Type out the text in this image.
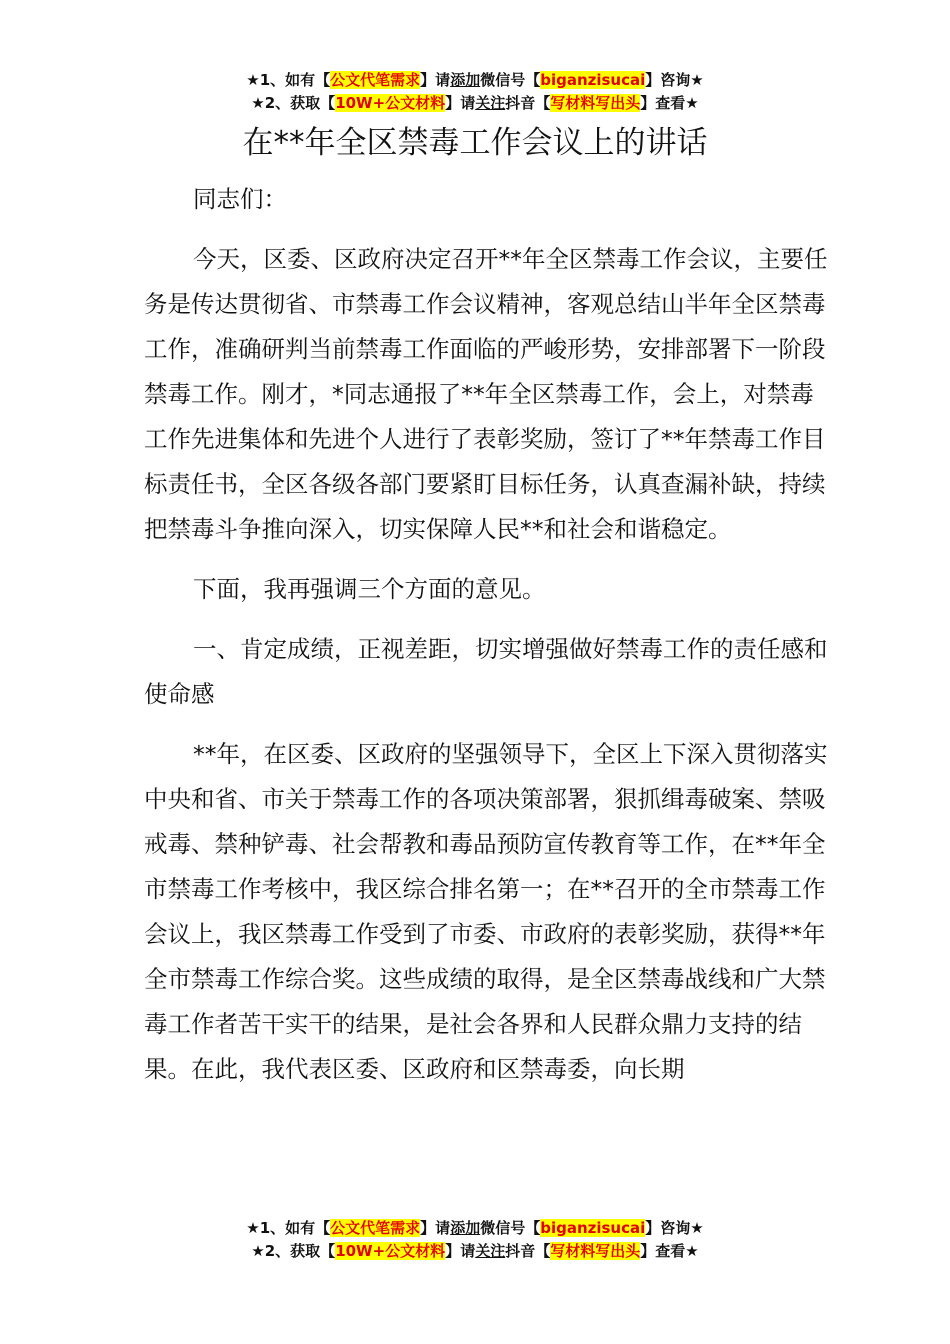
★1、如有【公文代笔需求】请添加微信号【biganzisucai】咨询★
★2、获取【10W+公文材料】请关注抖音【写材料写出头】查看★
在**年全区禁毒工作会议上的讲话

同志们：

今天，区委、区政府决定召开**年全区禁毒工作会议，主要任务是传达贯彻省、市禁毒工作会议精神，客观总结山半年全区禁毒工作，准确研判当前禁毒工作面临的严峻形势，安排部署下一阶段禁毒工作。刚才，*同志通报了**年全区禁毒工作，会上，对禁毒工作先进集体和先进个人进行了表彰奖励，签订了**年禁毒工作目标责任书，全区各级各部门要紧盯目标任务，认真查漏补缺，持续把禁毒斗争推向深入，切实保障人民**和社会和谐稳定。

下面，我再强调三个方面的意见。

一、肯定成绩，正视差距，切实增强做好禁毒工作的责任感和使命感

**年，在区委、区政府的坚强领导下，全区上下深入贯彻落实中央和省、市关于禁毒工作的各项决策部署，狠抓缉毒破案、禁吸戒毒、禁种铲毒、社会帮教和毒品预防宣传教育等工作，在**年全市禁毒工作考核中，我区综合排名第一；在**召开的全市禁毒工作会议上，我区禁毒工作受到了市委、市政府的表彰奖励，获得**年全市禁毒工作综合奖。这些成绩的取得，是全区禁毒战线和广大禁毒工作者苦干实干的结果，是社会各界和人民群众鼎力支持的结果。在此，我代表区委、区政府和区禁毒委，向长期

★1、如有【公文代笔需求】请添加微信号【biganzisucai】咨询★
★2、获取【10W+公文材料】请关注抖音【写材料写出头】查看★
